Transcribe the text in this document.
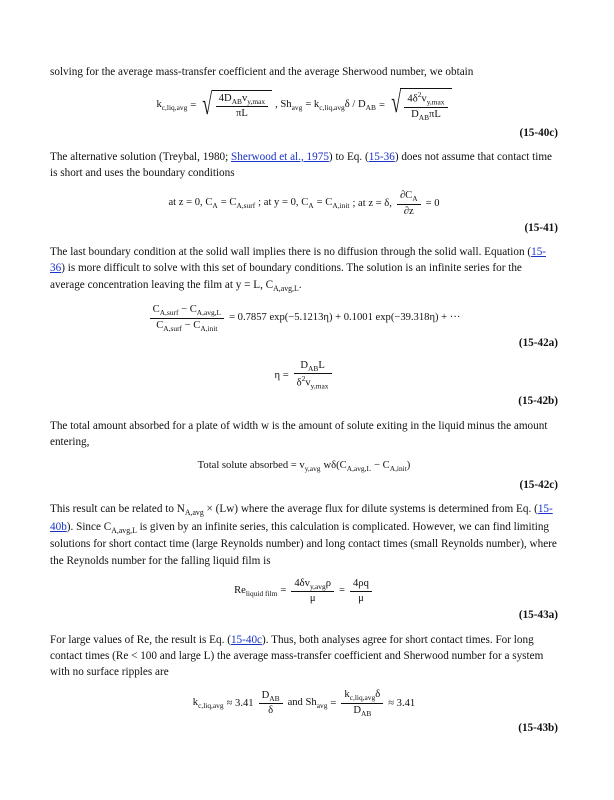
solving for the average mass-transfer coefficient and the average Sherwood number, we obtain

$k_{c,liq,avg}$ = √ $\frac{4D_{AB}v_{y,max}}{\pi L}$ , $Sh_{avg} = k_{c,liq,avg}\delta / D_{AB}$ = √ $\frac{4\delta^2v_{y,max}}{D_{AB}\pi L}$
(15-40c)

The alternative solution (Treybal, 1980; Sherwood et al., 1975) to Eq. (15-36) does not assume that contact time is short and uses the boundary conditions

at z = 0, $C_A = C_{A,surf}$ ; at y = 0, $C_A = C_{A,init}$ ; at z = δ, $\frac{\partial C_A}{\partial z} = 0$
(15-41)

The last boundary condition at the solid wall implies there is no diffusion through the solid wall. Equation (15-36) is more difficult to solve with this set of boundary conditions. The solution is an infinite series for the average concentration leaving the film at y = L, $C_{A,avg,L}$.

$\frac{C_{A,surf} - C_{A,avg,L}}{C_{A,surf} - C_{A,init}} = 0.7857$ exp(−5.1213η) + 0.1001 exp(−39.318η) + ···
(15-42a)
$\eta = \frac{D_{AB}L}{\delta^2v_{y,max}}$
(15-42b)

The total amount absorbed for a plate of width w is the amount of solute exiting in the liquid minus the amount entering,

Total solute absorbed = $v_{y,avg}$ $w\delta(C_{A,avg,L} - C_{A,init})$
(15-42c)

This result can be related to $N_{A,avg} \times (Lw)$ where the average flux for dilute systems is determined from Eq. (15-40b). Since $C_{A,avg,L}$ is given by an infinite series, this calculation is complicated. However, we can find limiting solutions for short contact time (large Reynolds number) and long contact times (small Reynolds number), where the Reynolds number for the falling liquid film is

$Re_{liquid film} = \frac{4\delta v_{y,avg}\rho}{\mu} = \frac{4\rho q}{\mu}$
(15-43a)

For large values of Re, the result is Eq. (15-40c). Thus, both analyses agree for short contact times. For long contact times (Re < 100 and large L) the average mass-transfer coefficient and Sherwood number for a system with no surface ripples are

$k_{c,liq,avg} \approx 3.41 \frac{D_{AB}}{\delta}$ and $Sh_{avg} = \frac{k_{c,liq,avg}\delta}{D_{AB}} \approx 3.41$
(15-43b)
